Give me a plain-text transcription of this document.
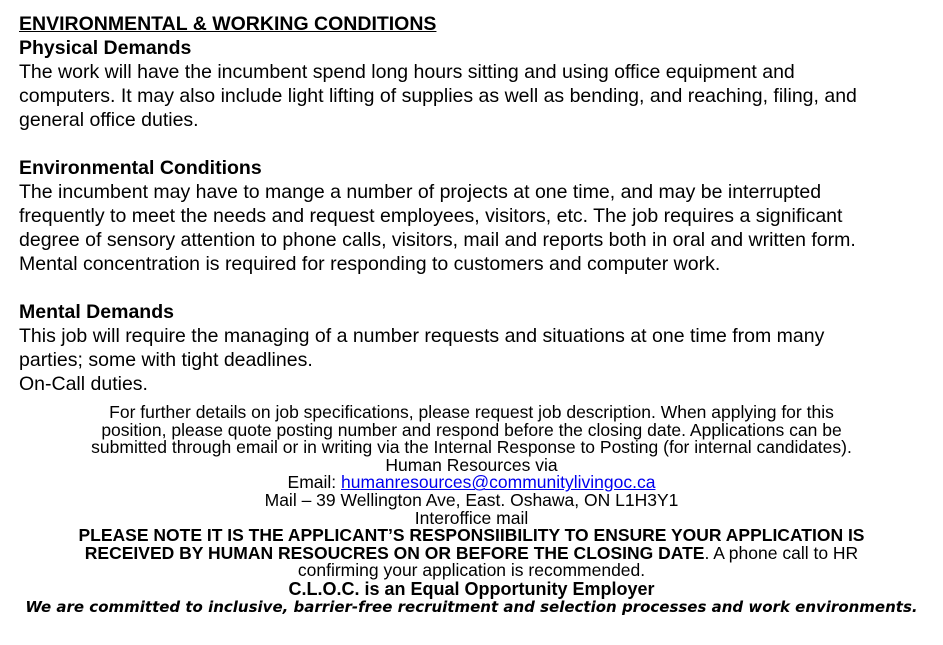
ENVIRONMENTAL & WORKING CONDITIONS

Physical Demands

The work will have the incumbent spend long hours sitting and using office equipment and

computers. It may also include light lifting of supplies as well as bending, and reaching, filing, and

general office duties.

Environmental Conditions

The incumbent may have to mange a number of projects at one time, and may be interrupted

frequently to meet the needs and request employees, visitors, etc. The job requires a significant

degree of sensory attention to phone calls, visitors, mail and reports both in oral and written form.

Mental concentration is required for responding to customers and computer work.

Mental Demands

This job will require the managing of a number requests and situations at one time from many

parties; some with tight deadlines.

On-Call duties.

For further details on job specifications, please request job description. When applying for this

position, please quote posting number and respond before the closing date. Applications can be

submitted through email or in writing via the Internal Response to Posting (for internal candidates).

Human Resources via

Email: humanresources@communitylivingoc.ca

Mail – 39 Wellington Ave, East. Oshawa, ON L1H3Y1

Interoffice mail

PLEASE NOTE IT IS THE APPLICANT’S RESPONSIIBILITY TO ENSURE YOUR APPLICATION IS

RECEIVED BY HUMAN RESOUCRES ON OR BEFORE THE CLOSING DATE. A phone call to HR

confirming your application is recommended.

C.L.O.C. is an Equal Opportunity Employer

We are committed to inclusive, barrier-free recruitment and selection processes and work environments.
